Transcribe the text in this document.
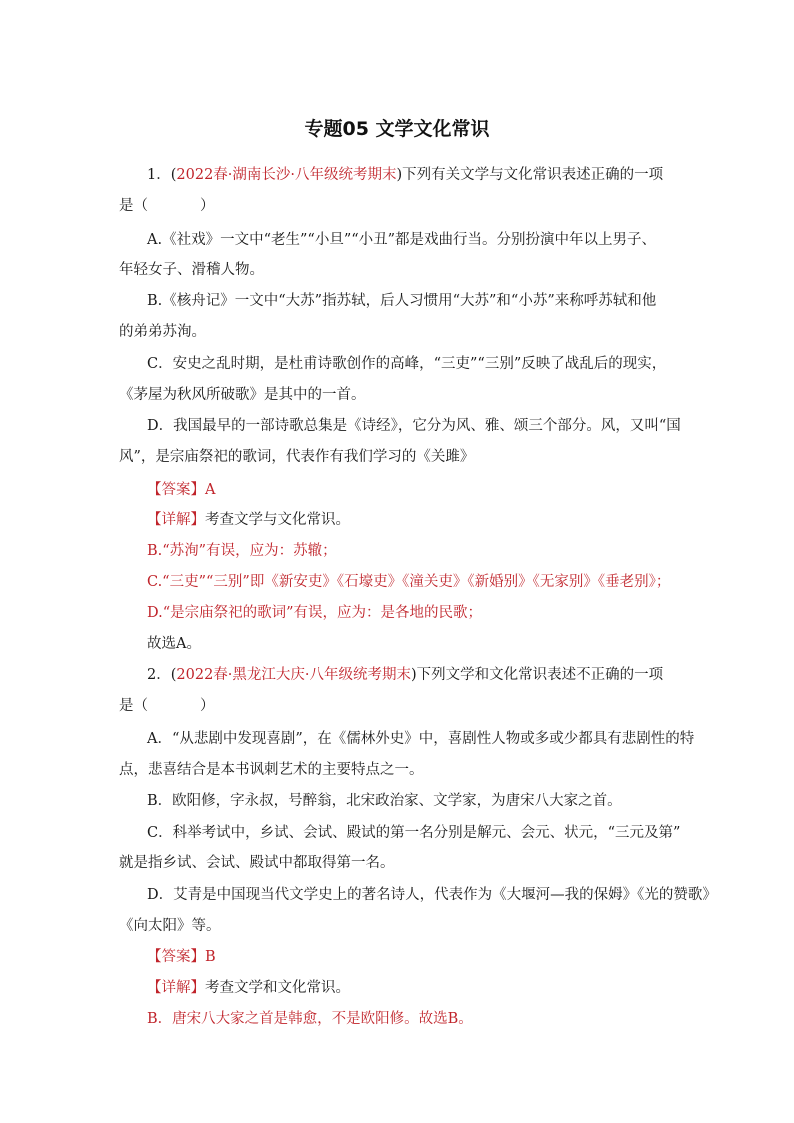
专题05 文学文化常识
1．(2022春·湖南长沙·八年级统考期末)下列有关文学与文化常识表述正确的一项
是（	）
A.《社戏》一文中“老生”“小旦”“小丑”都是戏曲行当。分别扮演中年以上男子、
年轻女子、滑稽人物。
B.《核舟记》一文中“大苏”指苏轼，后人习惯用“大苏”和“小苏”来称呼苏轼和他
的弟弟苏洵。
C．安史之乱时期，是杜甫诗歌创作的高峰，“三吏”“三别”反映了战乱后的现实，
《茅屋为秋风所破歌》是其中的一首。
D．我国最早的一部诗歌总集是《诗经》，它分为风、雅、颂三个部分。风，又叫“国
风”，是宗庙祭祀的歌词，代表作有我们学习的《关雎》
【答案】A
【详解】考查文学与文化常识。
B.“苏洵”有误，应为：苏辙；
C.“三吏”“三别”即《新安吏》《石壕吏》《潼关吏》《新婚别》《无家别》《垂老别》；
D.“是宗庙祭祀的歌词”有误，应为：是各地的民歌；
故选A。
2．(2022春·黑龙江大庆·八年级统考期末)下列文学和文化常识表述不正确的一项
是（	）
A．“从悲剧中发现喜剧”，在《儒林外史》中，喜剧性人物或多或少都具有悲剧性的特
点，悲喜结合是本书讽刺艺术的主要特点之一。
B．欧阳修，字永叔，号醉翁，北宋政治家、文学家，为唐宋八大家之首。
C．科举考试中，乡试、会试、殿试的第一名分别是解元、会元、状元，“三元及第”
就是指乡试、会试、殿试中都取得第一名。
D．艾青是中国现当代文学史上的著名诗人，代表作为《大堰河—我的保姆》《光的赞歌》
《向太阳》等。
【答案】B
【详解】考查文学和文化常识。
B．唐宋八大家之首是韩愈，不是欧阳修。故选B。
